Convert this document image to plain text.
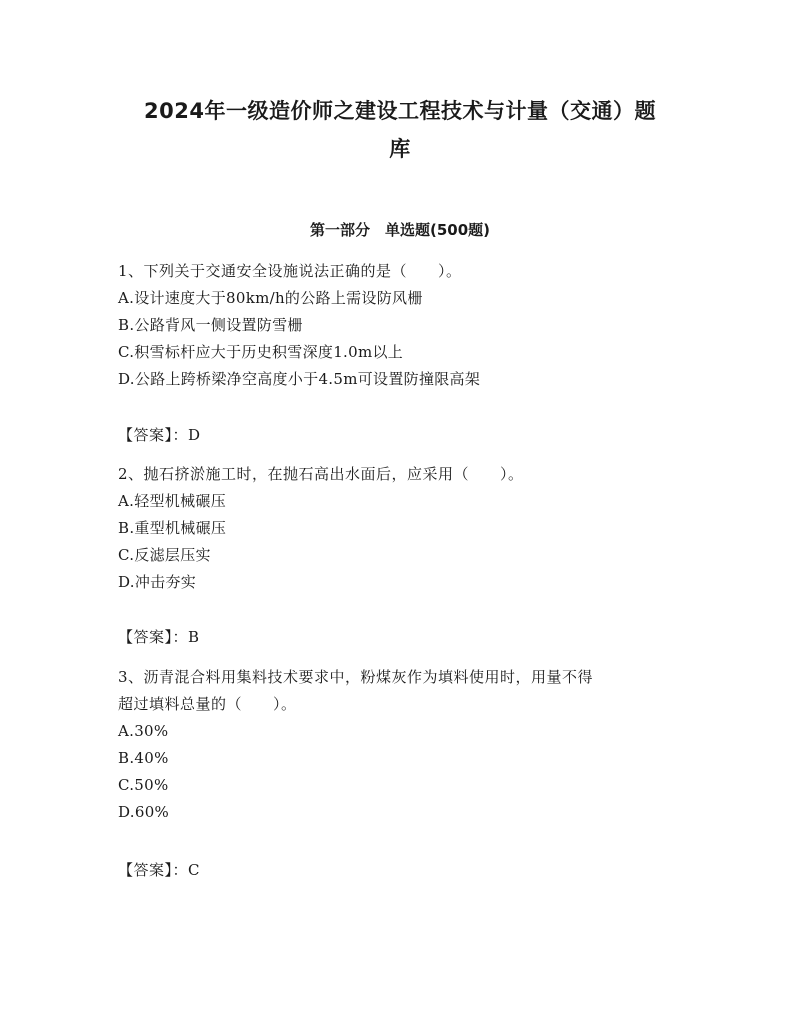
2024年一级造价师之建设工程技术与计量（交通）题
库
第一部分　单选题(500题)
1、下列关于交通安全设施说法正确的是（　　）。
A.设计速度大于80km/h的公路上需设防风栅
B.公路背风一侧设置防雪栅
C.积雪标杆应大于历史积雪深度1.0m以上
D.公路上跨桥梁净空高度小于4.5m可设置防撞限高架
【答案】：D
2、抛石挤淤施工时，在抛石高出水面后，应采用（　　）。
A.轻型机械碾压
B.重型机械碾压
C.反滤层压实
D.冲击夯实
【答案】：B
3、沥青混合料用集料技术要求中，粉煤灰作为填料使用时，用量不得
超过填料总量的（　　）。
A.30%
B.40%
C.50%
D.60%
【答案】：C
